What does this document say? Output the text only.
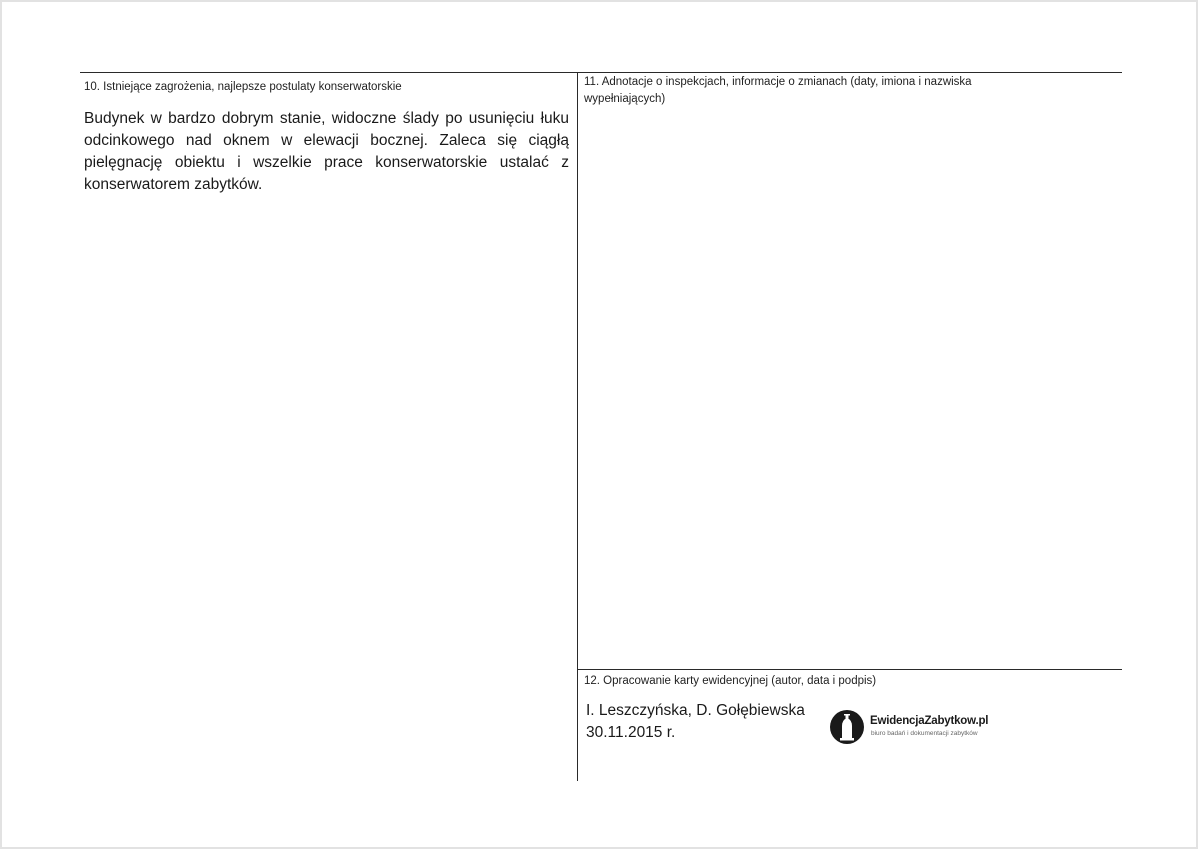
10. Istniejące zagrożenia, najlepsze postulaty konserwatorskie
Budynek w bardzo dobrym stanie, widoczne ślady po usunięciu łuku odcinkowego nad oknem w elewacji bocznej. Zaleca się ciągłą pielęgnację obiektu i wszelkie prace konserwatorskie ustalać z konserwatorem zabytków.
11. Adnotacje o inspekcjach, informacje o zmianach (daty, imiona i nazwiska wypełniających)
12. Opracowanie karty ewidencyjnej (autor, data i podpis)
I. Leszczyńska, D. Gołębiewska
30.11.2015 r.
EwidencjaZabytkow.pl
biuro badań i dokumentacji zabytków
